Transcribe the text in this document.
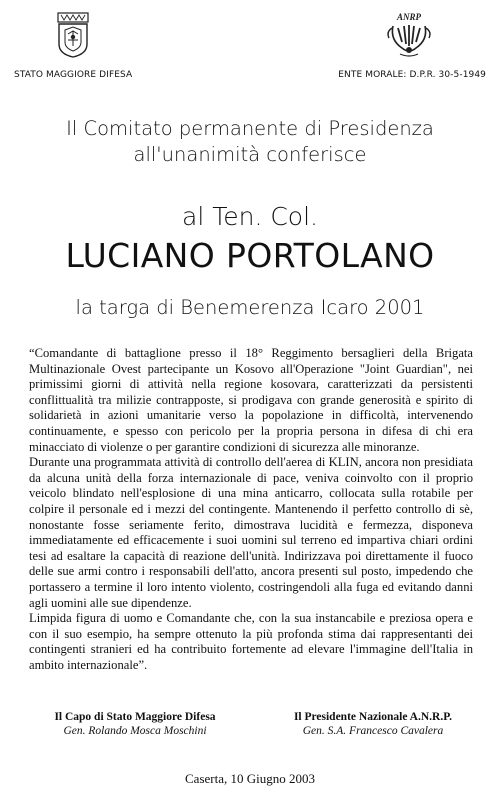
ANRP
STATO MAGGIORE DIFESA	ENTE MORALE: D.P.R. 30-5-1949
Il Comitato permanente di Presidenza
all'unanimità conferisce
al Ten. Col.
LUCIANO PORTOLANO
la targa di Benemerenza Icaro 2001

“Comandante di battaglione presso il 18° Reggimento bersaglieri della Brigata Multinazionale Ovest partecipante un Kosovo all'Operazione "Joint Guardian", nei primissimi giorni di attività nella regione kosovara, caratterizzati da persistenti conflittualità tra milizie contrapposte, si prodigava con grande generosità e spirito di solidarietà in azioni umanitarie verso la popolazione in difficoltà, intervenendo continuamente, e spesso con pericolo per la propria persona in difesa di chi era minacciato di violenze o per garantire condizioni di sicurezza alle minoranze.

Durante una programmata attività di controllo dell'aerea di KLIN, ancora non presidiata da alcuna unità della forza internazionale di pace, veniva coinvolto con il proprio veicolo blindato nell'esplosione di una mina anticarro, collocata sulla rotabile per colpire il personale ed i mezzi del contingente. Mantenendo il perfetto controllo di sè, nonostante fosse seriamente ferito, dimostrava lucidità e fermezza, disponeva immediatamente ed efficacemente i suoi uomini sul terreno ed impartiva chiari ordini tesi ad esaltare la capacità di reazione dell'unità. Indirizzava poi direttamente il fuoco delle sue armi contro i responsabili dell'atto, ancora presenti sul posto, impedendo che portassero a termine il loro intento violento, costringendoli alla fuga ed evitando danni agli uomini alle sue dipendenze.

Limpida figura di uomo e Comandante che, con la sua instancabile e preziosa opera e con il suo esempio, ha sempre ottenuto la più profonda stima dai rappresentanti dei contingenti stranieri ed ha contribuito fortemente ad elevare l'immagine dell'Italia in ambito internazionale”.

Il Capo di Stato Maggiore Difesa
Gen. Rolando Mosca Moschini
Il Presidente Nazionale A.N.R.P.
Gen. S.A. Francesco Cavalera
Caserta, 10 Giugno 2003
